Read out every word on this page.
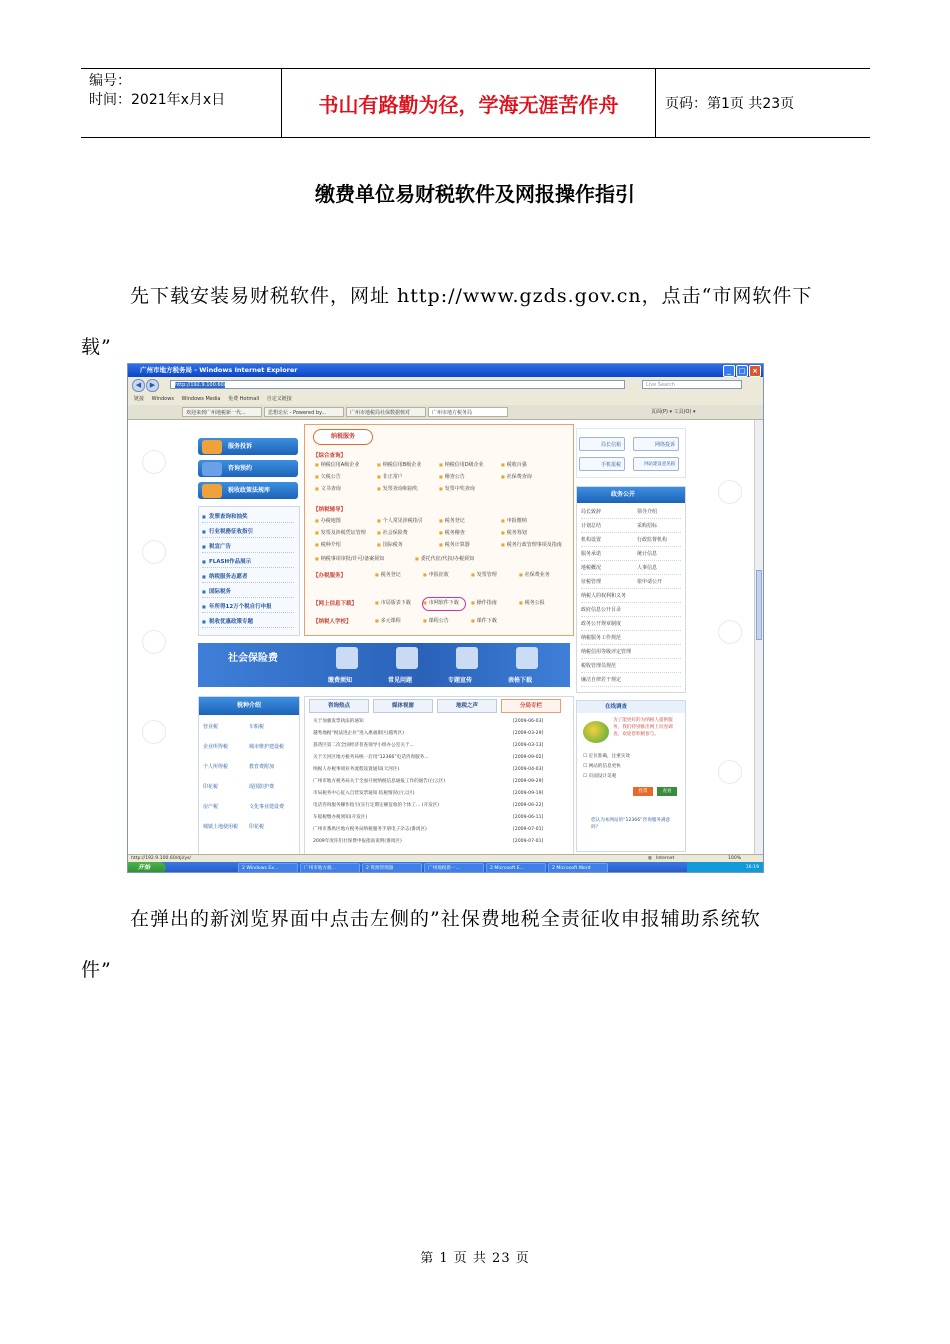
编号：
时间：2021年x月x日	书山有路勤为径，学海无涯苦作舟	页码：第1页 共23页
缴费单位易财税软件及网报操作指引
先下载安装易财税软件，网址 http://www.gzds.gov.cn，点击“市网软件下
载”
广州市地方税务局 - Windows Internet Explorer	_	□ ×
◀	▶	http://192.9.100.60/	Live Search
链接 Windows Windows Media 免费 Hotmail 自定义链接
欢迎来到广州地税新一代...	思想论坛 - Powered by...	广州市地税局社保数据核对	广州市地方税务局	页面(P) ▾ 工具(O) ▾
服务投诉
咨询预约
税收政策法规库
■ 发票查询和抽奖
■ 行业税務征收指引
■ 税宣广告
■ FLASH作品展示
■ 纳税服务志愿者
■ 国际税务
■ 年所得12万个税自行申报
■ 税收优惠政策专题
纳税服务
【综合查询】
■ 纳税信用A级企业	■ 纳税信用B级企业	■ 纳税信用D级企业	■ 税收百强
■ 欠税公告	■ 非正常户	■ 稽查公告	■ 社保费查询
■ 文书查询	■ 发票查询和抽奖	■ 发票中奖查询
【纳税辅导】
■ 办税地图	■ 个人常见涉税指引	■ 税务登记	■ 申报缴纳
■ 发票及涉税凭证管理	■ 社会保险费	■ 税务稽查	■ 税务筹划
■ 税种介绍	■ 国际税务	■ 税务计算器	■ 税务行政管理事项及指南
■ 纳税事项审批/许可/备案须知	■ 委托代征/代扣/办税须知
【办税服务】	■ 税务登记	■ 申报征收	■ 发票管理	■ 社保费业务
【网上信息下载】	■ 市局版表下载	■ 市网软件下载	■ 操作指南	■ 税务公报
【纳税人学校】	■ 多元课程	■ 课程公告	■ 课件下载
局长信箱	网络投诉
手机报税	网站建设意见箱
政务公开
局长致辞	领导介绍
计划总结	采购招标
机构设置	行政监督机构
服务承诺	统计信息
地税概况	人事信息
征税管理	依申请公开
纳税人的权利和义务
政府信息公开目录
政务公开规章制度
纳税服务工作规范
纳税信用等级评定管理
税收管理员规范
廉洁自律若干规定
社会保险费
缴费须知	常见问题	专题宣传	表格下载
税种介绍
营业税	车船税
企业所得税	城市维护建设税
个人所得税	教育费附加
印花税	堤围防护费
房产税	文化事业建设费
城镇土地使用税 印花税
咨询热点	媒体视窗	地税之声	分局专栏
关于加强发票执法的通知	[2009-06-03]
越秀地税“税法进企业”进入惠福街区(越秀区)	[2009-03-29]
荔湾区第二次全国经济普查领导小组办公室关于...	[2009-03-13]
关于天河区地方税务局统一启用“12366”电话咨询服务...	[2009-09-02]
纳税人办税事项业务流程设置通知(天河区)	[2009-04-03]
广州市地方税务局关于全面开展纳税信息通报工作的通告(白云区)	[2009-09-29]
市局税务中心征入自营发票通知 结税情况(白云区)	[2009-09-19]
电话咨询服务操作指引(实行定期定额征收的个体工... (开发区)	[2009-06-22]
车船税缴办税须知(开发区)	[2009-06-11]
广州市番禺区地方税务局纳税服务手册电子杂志(番禺区)	[2009-07-01]
2009年度你们社保费申报指南说明(番禺区)	[2009-07-01]
在线调查
为了能更好的为纳税人提供服务，我们特别推出网上问卷调查，欢迎您积极参与。
☐ 定位准确，注重实效
☐ 网站的信息更快
☐ 页面设计美观
投票	查看
您认为本网站的“12366”咨询服务满意吗？
http://192.9.100.60/dji/ys/	◍ Internet	100%
开始	2 Windows Ex...	广州市地方税...	2 资源管理器	广州地税新一...	2 Microsoft E...	2 Microsoft Word	16:19
在弹出的新浏览界面中点击左侧的”社保费地税全责征收申报辅助系统软
件”
第 1 页 共 23 页
